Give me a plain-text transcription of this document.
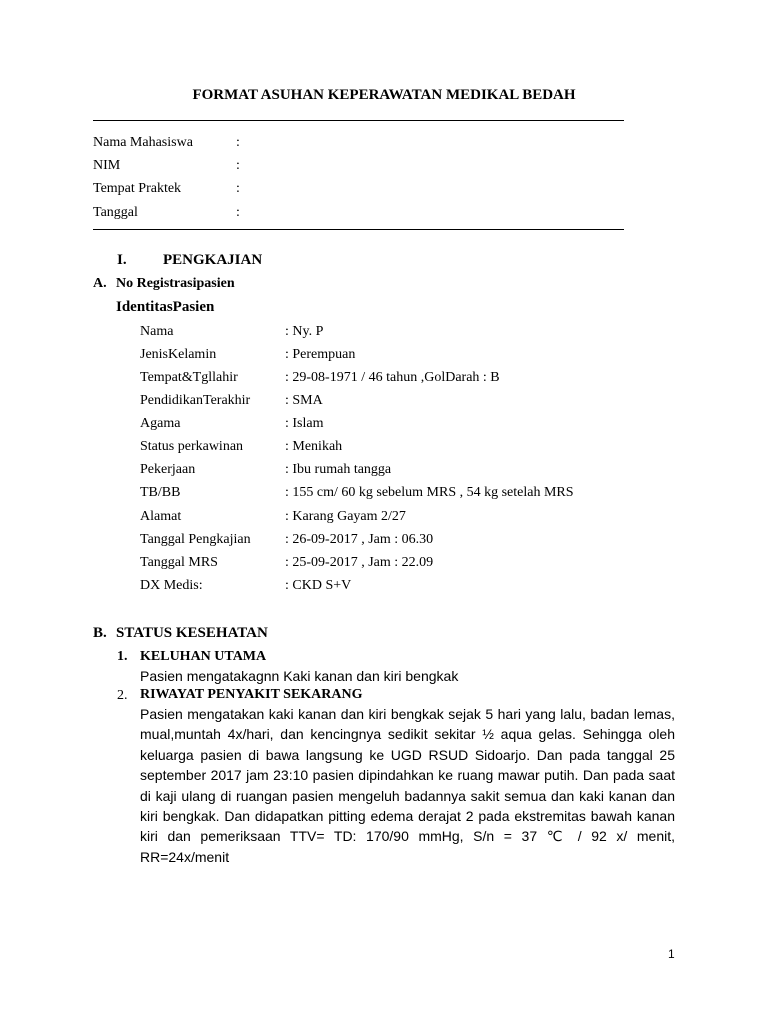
FORMAT ASUHAN KEPERAWATAN MEDIKAL BEDAH
Nama Mahasiswa	:
NIM	:
Tempat Praktek	:
Tanggal	:
I. PENGKAJIAN
A. No Registrasipasien
IdentitasPasien
Nama	: Ny. P
JenisKelamin	: Perempuan
Tempat&Tgllahir	: 29-08-1971 / 46 tahun ,GolDarah : B
PendidikanTerakhir : SMA
Agama	: Islam
Status perkawinan	: Menikah
Pekerjaan	: Ibu rumah tangga
TB/BB	: 155 cm/ 60 kg sebelum MRS , 54 kg setelah MRS
Alamat	: Karang Gayam 2/27
Tanggal Pengkajian : 26-09-2017 , Jam : 06.30
Tanggal MRS	: 25-09-2017 , Jam : 22.09
DX Medis:	: CKD S+V
B. STATUS KESEHATAN
1. KELUHAN UTAMA
Pasien mengatakagnn Kaki kanan dan kiri bengkak
2. RIWAYAT PENYAKIT SEKARANG
Pasien mengatakan kaki kanan dan kiri bengkak sejak 5 hari yang lalu, badan lemas, mual,muntah 4x/hari, dan kencingnya sedikit sekitar ½ aqua gelas. Sehingga oleh keluarga pasien di bawa langsung ke UGD RSUD Sidoarjo. Dan pada tanggal 25 september 2017 jam 23:10 pasien dipindahkan ke ruang mawar putih. Dan pada saat di kaji ulang di ruangan pasien mengeluh badannya sakit semua dan kaki kanan dan kiri bengkak. Dan didapatkan pitting edema derajat 2 pada ekstremitas bawah kanan kiri dan pemeriksaan TTV= TD: 170/90 mmHg, S/n = 37 ℃ / 92 x/ menit, RR=24x/menit
1
